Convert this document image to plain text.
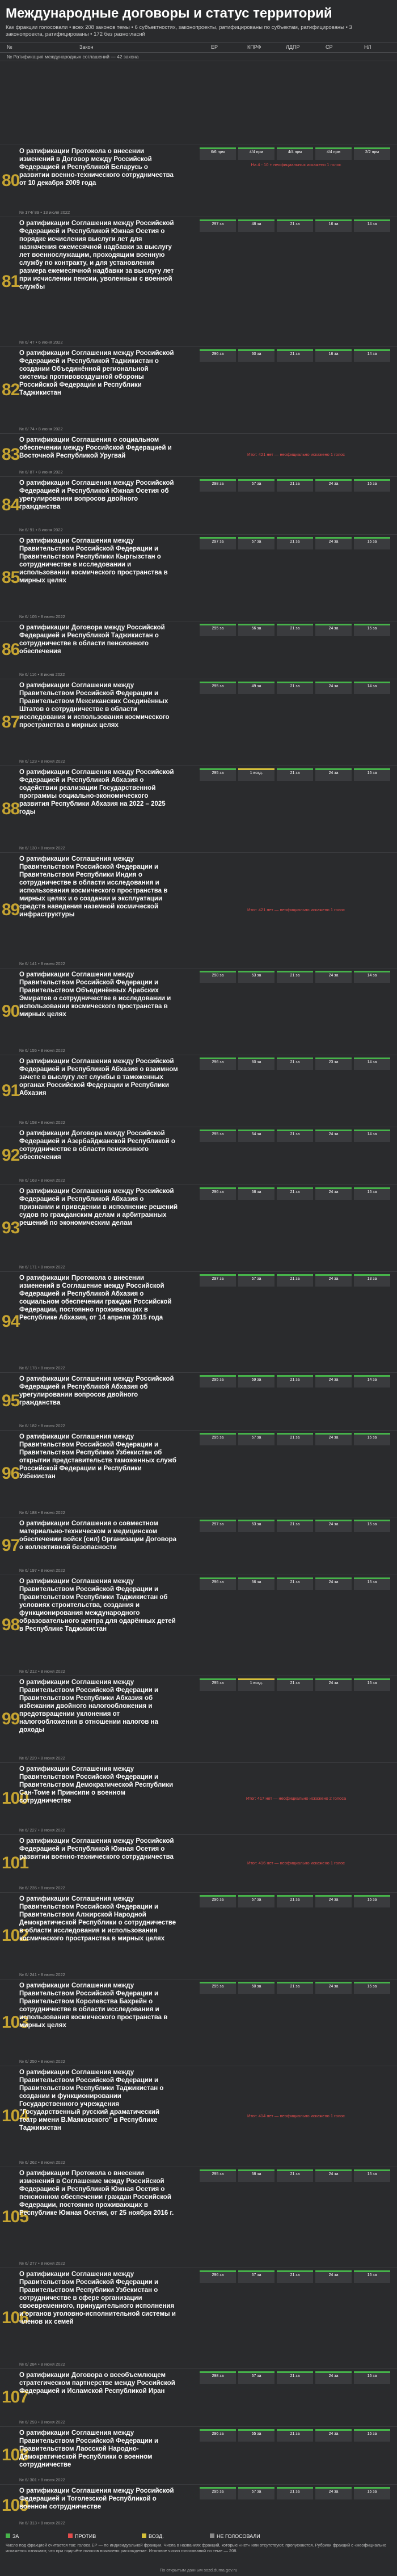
Международные договоры и статус территорий
Как фракции голосовали • всех 208 законов темы • 6 субъектностях, законопроекты, ратифицированы по субъектам, ратифицированы • 3 законопроекта, ратифицированы • 172 без разногласий
№	Закон	ЕР	КПРФ	ЛДПР	СР	НЛ
№ Ратификация международных соглашений — 42 закона
80
О ратификации Протокола о внесении изменений в Договор между Российской Федерацией и Республикой Беларусь о развитии военно-технического сотрудничества от 10 декабря 2009 года
№ 174/ 89 • 13 июля 2022
6/6 прм	4/4 прм	4/4 прм	4/4 прм	2/2 прм
На 4 - 10 + неофициальных искажено 1 голос
81
О ратификации Соглашения между Российской Федерацией и Республикой Южная Осетия о порядке исчисления выслуги лет для назначения ежемесячной надбавки за выслугу лет военнослужащим, проходящим военную службу по контракту, и для установления размера ежемесячной надбавки за выслугу лет при исчислении пенсии, уволенным с военной службы
№ 6/ 47 • 6 июня 2022
297 за	48 за	21 за	16 за	14 за
82
О ратификации Соглашения между Российской Федерацией и Республикой Таджикистан о создании Объединённой региональной системы противовоздушной обороны Российской Федерации и Республики Таджикистан
№ 6/ 74 • 8 июня 2022
296 за	60 за	21 за	16 за	14 за
83
О ратификации Соглашения о социальном обеспечении между Российской Федерацией и Восточной Республикой Уругвай
№ 6/ 87 • 8 июня 2022
Итог: 421 нет — неофициально искажено 1 голос
84
О ратификации Соглашения между Российской Федерацией и Республикой Южная Осетия об урегулировании вопросов двойного гражданства
№ 6/ 91 • 8 июня 2022
298 за	57 за	21 за	24 за	15 за
85
О ратификации Соглашения между Правительством Российской Федерации и Правительством Республики Кыргызстан о сотрудничестве в исследовании и использовании космического пространства в мирных целях
№ 6/ 105 • 8 июня 2022
297 за	57 за	21 за	24 за	15 за
86
О ратификации Договора между Российской Федерацией и Республикой Таджикистан о сотрудничестве в области пенсионного обеспечения
№ 6/ 116 • 8 июня 2022
295 за	56 за	21 за	24 за	15 за
87
О ратификации Соглашения между Правительством Российской Федерации и Правительством Мексиканских Соединённых Штатов о сотрудничестве в области исследования и использования космического пространства в мирных целях
№ 6/ 123 • 8 июня 2022
295 за	49 за	21 за	24 за	14 за
88
О ратификации Соглашения между Российской Федерацией и Республикой Абхазия о содействии реализации Государственной программы социально-экономического развития Республики Абхазия на 2022 – 2025 годы
№ 6/ 130 • 8 июня 2022
295 за	1 возд.	21 за	24 за	15 за
89
О ратификации Соглашения между Правительством Российской Федерации и Правительством Республики Индия о сотрудничестве в области исследования и использования космического пространства в мирных целях и о создании и эксплуатации средств наведения наземной космической инфраструктуры
№ 6/ 141 • 8 июня 2022
Итог: 421 нет — неофициально искажено 1 голос
90
О ратификации Соглашения между Правительством Российской Федерации и Правительством Объединённых Арабских Эмиратов о сотрудничестве в исследовании и использовании космического пространства в мирных целях
№ 6/ 155 • 8 июня 2022
298 за	53 за	21 за	24 за	14 за
91
О ратификации Соглашения между Российской Федерацией и Республикой Абхазия о взаимном зачете в выслугу лет службы в таможенных органах Российской Федерации и Республики Абхазия
№ 6/ 158 • 8 июня 2022
296 за	60 за	21 за	23 за	14 за
92
О ратификации Договора между Российской Федерацией и Азербайджанской Республикой о сотрудничестве в области пенсионного обеспечения
№ 6/ 163 • 8 июня 2022
295 за	54 за	21 за	24 за	14 за
93
О ратификации Соглашения между Российской Федерацией и Республикой Абхазия о признании и приведении в исполнение решений судов по гражданским делам и арбитражных решений по экономическим делам
№ 6/ 171 • 8 июня 2022
296 за	58 за	21 за	24 за	15 за
94
О ратификации Протокола о внесении изменений в Соглашение между Российской Федерацией и Республикой Абхазия о социальном обеспечении граждан Российской Федерации, постоянно проживающих в Республике Абхазия, от 14 апреля 2015 года
№ 6/ 178 • 8 июня 2022
297 за	57 за	21 за	24 за	13 за
95
О ратификации Соглашения между Российской Федерацией и Республикой Абхазия об урегулировании вопросов двойного гражданства
№ 6/ 182 • 8 июня 2022
295 за	59 за	21 за	24 за	14 за
96
О ратификации Соглашения между Правительством Российской Федерации и Правительством Республики Узбекистан об открытии представительств таможенных служб Российской Федерации и Республики Узбекистан
№ 6/ 188 • 8 июня 2022
295 за	57 за	21 за	24 за	15 за
97
О ратификации Соглашения о совместном материально-техническом и медицинском обеспечении войск (сил) Организации Договора о коллективной безопасности
№ 6/ 197 • 8 июня 2022
297 за	53 за	21 за	24 за	15 за
98
О ратификации Соглашения между Правительством Российской Федерации и Правительством Республики Таджикистан об условиях строительства, создания и функционирования международного образовательного центра для одарённых детей в Республике Таджикистан
№ 6/ 212 • 8 июня 2022
296 за	56 за	21 за	24 за	15 за
99
О ратификации Соглашения между Правительством Российской Федерации и Правительством Республики Абхазия об избежании двойного налогообложения и предотвращении уклонения от налогообложения в отношении налогов на доходы
№ 6/ 220 • 8 июня 2022
295 за	1 возд.	21 за	24 за	15 за
100
О ратификации Соглашения между Правительством Российской Федерации и Правительством Демократической Республики Сан-Томе и Принсипи о военном сотрудничестве
№ 6/ 227 • 8 июня 2022
Итог: 417 нет — неофициально искажено 2 голоса
101
О ратификации Соглашения между Российской Федерацией и Республикой Южная Осетия о развитии военно-технического сотрудничества
№ 6/ 235 • 8 июня 2022
Итог: 416 нет — неофициально искажено 1 голос
102
О ратификации Соглашения между Правительством Российской Федерации и Правительством Алжирской Народной Демократической Республики о сотрудничестве в области исследования и использования космического пространства в мирных целях
№ 6/ 241 • 8 июня 2022
296 за	57 за	21 за	24 за	15 за
103
О ратификации Соглашения между Правительством Российской Федерации и Правительством Королевства Бахрейн о сотрудничестве в области исследования и использования космического пространства в мирных целях
№ 6/ 250 • 8 июня 2022
295 за	50 за	21 за	24 за	15 за
104
О ратификации Соглашения между Правительством Российской Федерации и Правительством Республики Таджикистан о создании и функционировании Государственного учреждения "Государственный русский драматический театр имени В.Маяковского" в Республике Таджикистан
№ 6/ 262 • 8 июня 2022
Итог: 414 нет — неофициально искажено 1 голос
105
О ратификации Протокола о внесении изменений в Соглашение между Российской Федерацией и Республикой Южная Осетия о пенсионном обеспечении граждан Российской Федерации, постоянно проживающих в Республике Южная Осетия, от 25 ноября 2016 г.
№ 6/ 277 • 8 июня 2022
295 за	58 за	21 за	24 за	15 за
106
О ратификации Соглашения между Правительством Российской Федерации и Правительством Республики Узбекистан о сотрудничестве в сфере организации своевременного, принудительного исполнения и органов уголовно-исполнительной системы и членов их семей
№ 6/ 284 • 8 июня 2022
296 за	57 за	21 за	24 за	15 за
107
О ратификации Договора о всеобъемлющем стратегическом партнерстве между Российской Федерацией и Исламской Республикой Иран
№ 6/ 293 • 8 июня 2022
298 за	57 за	21 за	24 за	15 за
108
О ратификации Соглашения между Правительством Российской Федерации и Правительством Лаосской Народно-Демократической Республики о военном сотрудничестве
№ 6/ 301 • 8 июня 2022
296 за	55 за	21 за	24 за	15 за
109
О ратификации Соглашения между Российской Федерацией и Тоголезской Республикой о военном сотрудничестве
№ 6/ 313 • 8 июня 2022
295 за	57 за	21 за	24 за	15 за
ЗА	ПРОТИВ	ВОЗД.	НЕ ГОЛОСОВАЛИ
Число под фракцией считается так: голоса ЕР — по индивидуальной фракции. Числа в названиях фракций, которые «нет» или отсутствуют, пропускаются. Рубрики фракций с «неофициально искажено» означают, что при подсчёте голосов выявлено расхождение. Итоговое число голосований по теме — 208.
По открытым данным sozd.duma.gov.ru
